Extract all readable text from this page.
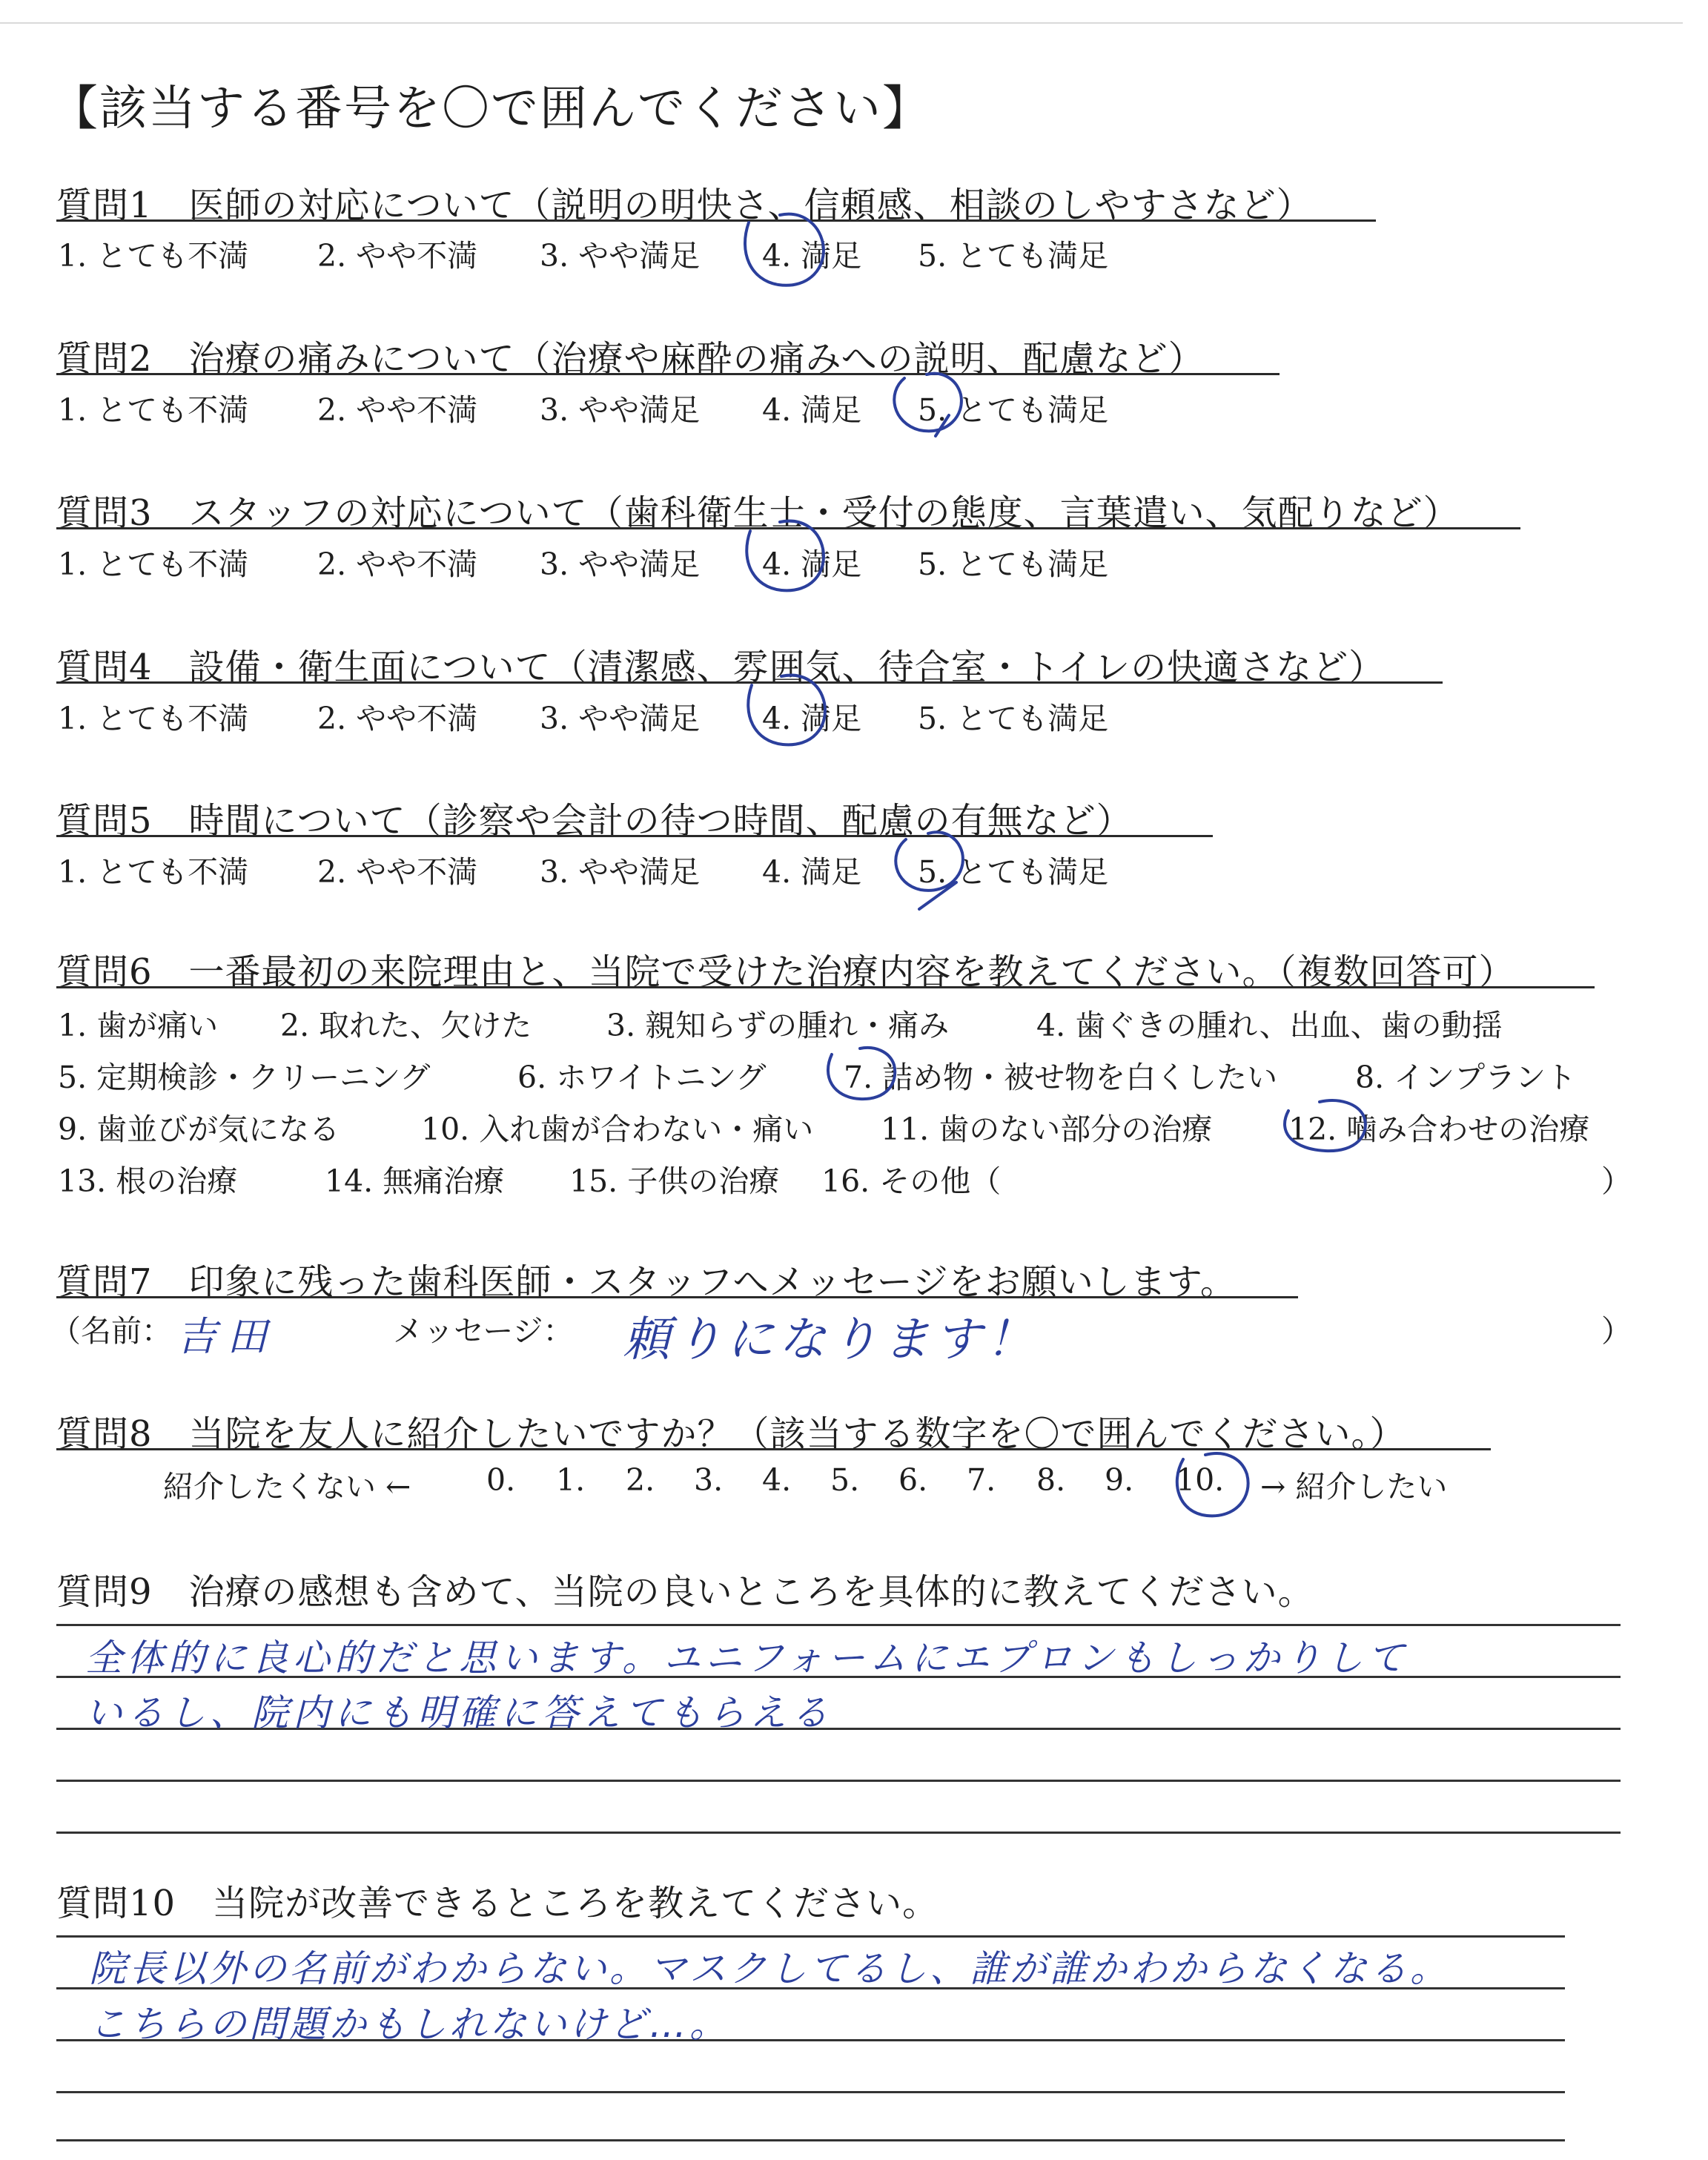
【該当する番号を〇で囲んでください】
質問1　医師の対応について（説明の明快さ、信頼感、相談のしやすさなど）
1. とても不満 2. やや不満 3. やや満足 4. 満足 5. とても満足
質問2　治療の痛みについて（治療や麻酔の痛みへの説明、配慮など）
1. とても不満 2. やや不満 3. やや満足 4. 満足 5. とても満足
質問3　スタッフの対応について（歯科衛生士・受付の態度、言葉遣い、気配りなど）
1. とても不満 2. やや不満 3. やや満足 4. 満足 5. とても満足
質問4　設備・衛生面について（清潔感、雰囲気、待合室・トイレの快適さなど）
1. とても不満 2. やや不満 3. やや満足 4. 満足 5. とても満足
質問5　時間について（診察や会計の待つ時間、配慮の有無など）
1. とても不満 2. やや不満 3. やや満足 4. 満足 5. とても満足
質問6　一番最初の来院理由と、当院で受けた治療内容を教えてください。（複数回答可）
1. 歯が痛い 2. 取れた、欠けた 3. 親知らずの腫れ・痛み	4. 歯ぐきの腫れ、出血、歯の動揺
5. 定期検診・クリーニング	6. ホワイトニング	7. 詰め物・被せ物を白くしたい	8. インプラント
9. 歯並びが気になる	10. 入れ歯が合わない・痛い 11. 歯のない部分の治療	12. 噛み合わせの治療
13. 根の治療	14. 無痛治療 15. 子供の治療 16. その他（	）
質問7　印象に残った歯科医師・スタッフへメッセージをお願いします。
（名前： 吉田	メッセージ： 頼りになります！	）
質問8　当院を友人に紹介したいですか？（該当する数字を〇で囲んでください。）
紹介したくない ← 0. 1. 2. 3. 4. 5. 6. 7. 8. 9. 10. → 紹介したい
質問9　治療の感想も含めて、当院の良いところを具体的に教えてください。
全体的に良心的だと思います。ユニフォームにエプロンもしっかりして
いるし、院内にも明確に答えてもらえる
質問10　当院が改善できるところを教えてください。
院長以外の名前がわからない。マスクしてるし、誰が誰かわからなくなる。
こちらの問題かもしれないけど…。
